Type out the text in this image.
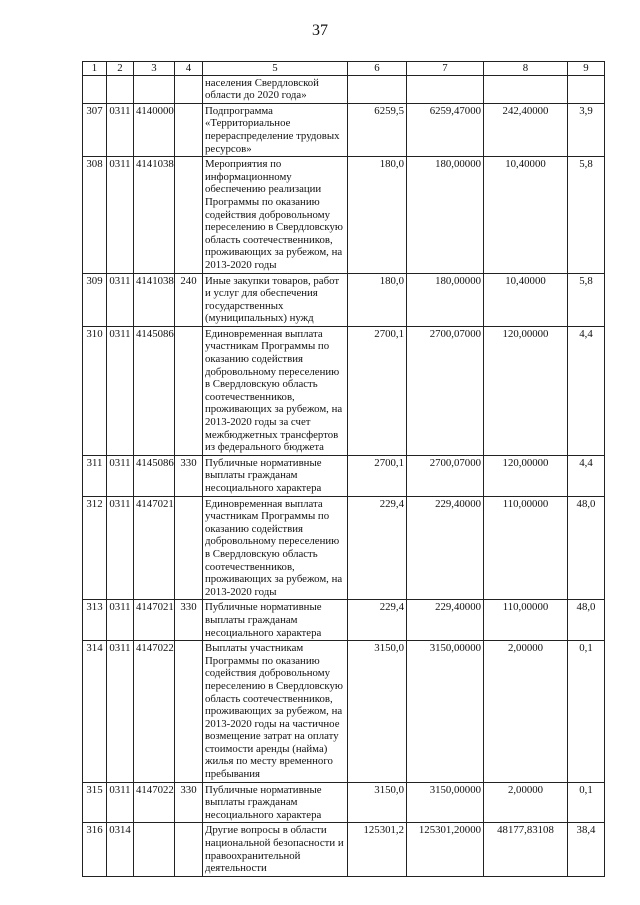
37
1	2	3	4	5	6	7	8	9
				населения Свердловской области до 2020 года»				
307	0311	4140000		Подпрограмма «Территориальное перераспределение трудовых ресурсов»	6259,5	6259,47000	242,40000	3,9
308	0311	4141038		Мероприятия по информационному обеспечению реализации Программы по оказанию содействия добровольному переселению в Свердловскую область соотечественников, проживающих за рубежом, на 2013-2020 годы	180,0	180,00000	10,40000	5,8
309	0311	4141038	240	Иные закупки товаров, работ и услуг для обеспечения государственных (муниципальных) нужд	180,0	180,00000	10,40000	5,8
310	0311	4145086		Единовременная выплата участникам Программы по оказанию содействия добровольному переселению в Свердловскую область соотечественников, проживающих за рубежом, на 2013-2020 годы за счет межбюджетных трансфертов из федерального бюджета	2700,1	2700,07000	120,00000	4,4
311	0311	4145086	330	Публичные нормативные выплаты гражданам несоциального характера	2700,1	2700,07000	120,00000	4,4
312	0311	4147021		Единовременная выплата участникам Программы по оказанию содействия добровольному переселению в Свердловскую область соотечественников, проживающих за рубежом, на 2013-2020 годы	229,4	229,40000	110,00000	48,0
313	0311	4147021	330	Публичные нормативные выплаты гражданам несоциального характера	229,4	229,40000	110,00000	48,0
314	0311	4147022		Выплаты участникам Программы по оказанию содействия добровольному переселению в Свердловскую область соотечественников, проживающих за рубежом, на 2013-2020 годы на частичное возмещение затрат на оплату стоимости аренды (найма) жилья по месту временного пребывания	3150,0	3150,00000	2,00000	0,1
315	0311	4147022	330	Публичные нормативные выплаты гражданам несоциального характера	3150,0	3150,00000	2,00000	0,1
316	0314			Другие вопросы в области национальной безопасности и правоохранительной деятельности	125301,2	125301,20000	48177,83108	38,4
